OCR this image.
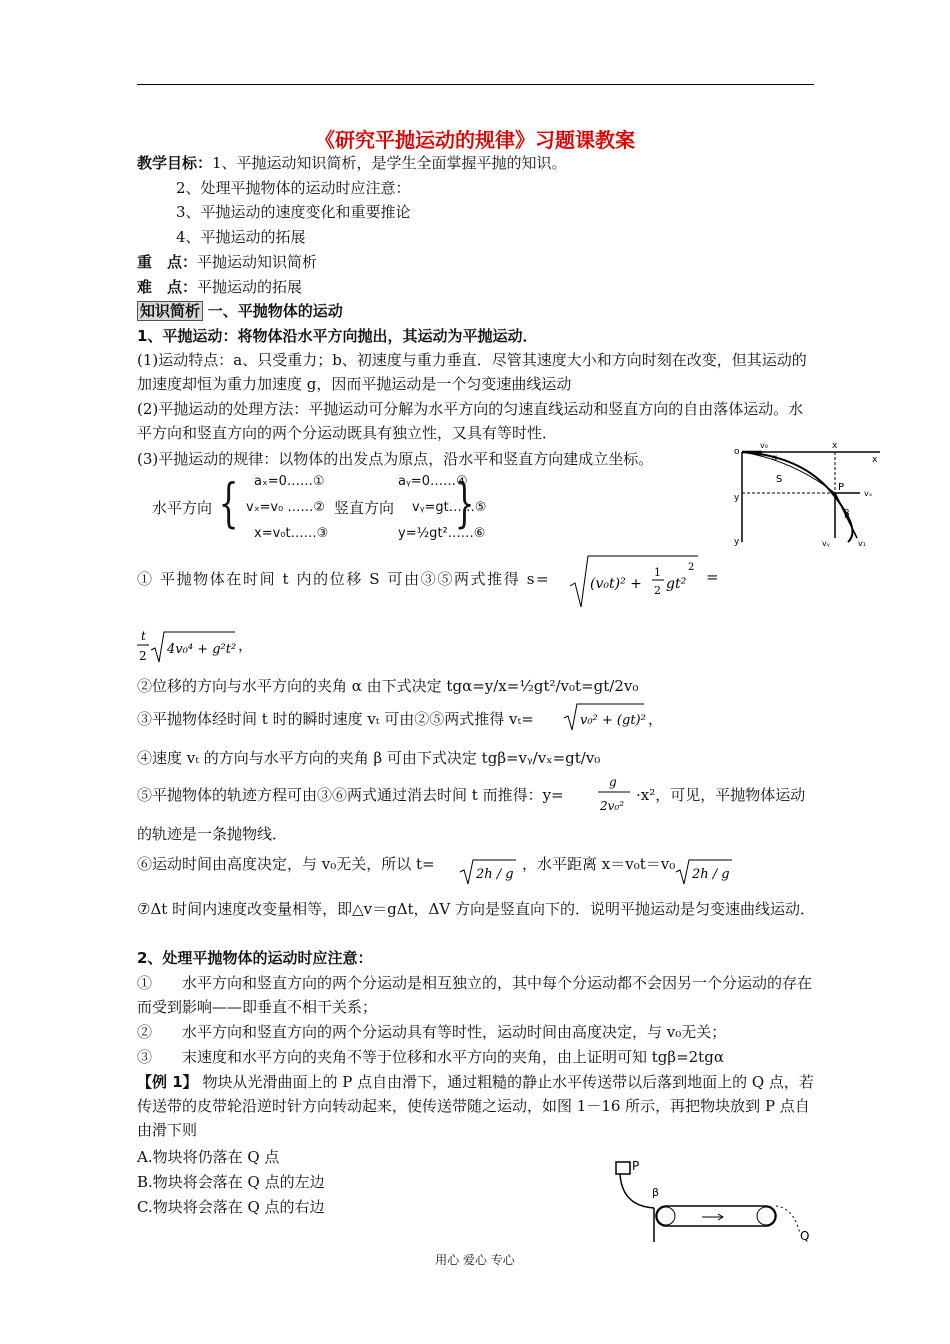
《研究平抛运动的规律》习题课教案
教学目标：1、平抛运动知识简析，是学生全面掌握平抛的知识。
2、处理平抛物体的运动时应注意：
3、平抛运动的速度变化和重要推论
4、平抛运动的拓展
重　点：平抛运动知识简析
难　点：平抛运动的拓展
知识简析 一、平抛物体的运动
1、平抛运动：将物体沿水平方向抛出，其运动为平抛运动．
(1)运动特点：a、只受重力；b、初速度与重力垂直．尽管其速度大小和方向时刻在改变，但其运动的加速度却恒为重力加速度 g，因而平抛运动是一个匀变速曲线运动
(2)平抛运动的处理方法：平抛运动可分解为水平方向的匀速直线运动和竖直方向的自由落体运动。水平方向和竖直方向的两个分运动既具有独立性，又具有等时性．
(3)平抛运动的规律：以物体的出发点为原点，沿水平和竖直方向建成立坐标。
水平方向 { aₓ=0……①
vₓ=v₀ ……②
x=v₀t……③
竖直方向
aᵧ=0……④
vᵧ=gt……⑤
y=½gt²……⑥
}
o
v₀	x
x
y
y
S
P
α
β
vₓ
vᵧ	v₁
① 平抛物体在时间 t 内的位移 S 可由③⑤两式推得 s=	(v₀t)² +
1
2 gt²
2
=
t
2 4v₀⁴ + g²t² ，
②位移的方向与水平方向的夹角 α 由下式决定 tgα=y/x=½gt²/v₀t=gt/2v₀
③平抛物体经时间 t 时的瞬时速度 vₜ 可由②⑤两式推得 vₜ=	v₀² + (gt)² ，
④速度 vₜ 的方向与水平方向的夹角 β 可由下式决定 tgβ=vᵧ/vₓ=gt/v₀
⑤平抛物体的轨迹方程可由③⑥两式通过消去时间 t 而推得：y=
g
2v₀²
·x²，可见，平抛物体运动
的轨迹是一条抛物线．
⑥运动时间由高度决定，与 v₀无关，所以 t=
2h / g
，水平距离 x＝v₀t＝v₀
2h / g
⑦Δt 时间内速度改变量相等，即△v＝gΔt，ΔV 方向是竖直向下的．说明平抛运动是匀变速曲线运动．
2、处理平抛物体的运动时应注意：
①　　水平方向和竖直方向的两个分运动是相互独立的，其中每个分运动都不会因另一个分运动的存在而受到影响——即垂直不相干关系；
②　　水平方向和竖直方向的两个分运动具有等时性，运动时间由高度决定，与 v₀无关；
③　　末速度和水平方向的夹角不等于位移和水平方向的夹角，由上证明可知 tgβ=2tgα
【例 1】 物块从光滑曲面上的 P 点自由滑下，通过粗糙的静止水平传送带以后落到地面上的 Q 点，若传送带的皮带轮沿逆时针方向转动起来，使传送带随之运动，如图 1－16 所示，再把物块放到 P 点自由滑下则
A.物块将仍落在 Q 点
B.物块将会落在 Q 点的左边
C.物块将会落在 Q 点的右边
P
β
Q
用心 爱心 专心
